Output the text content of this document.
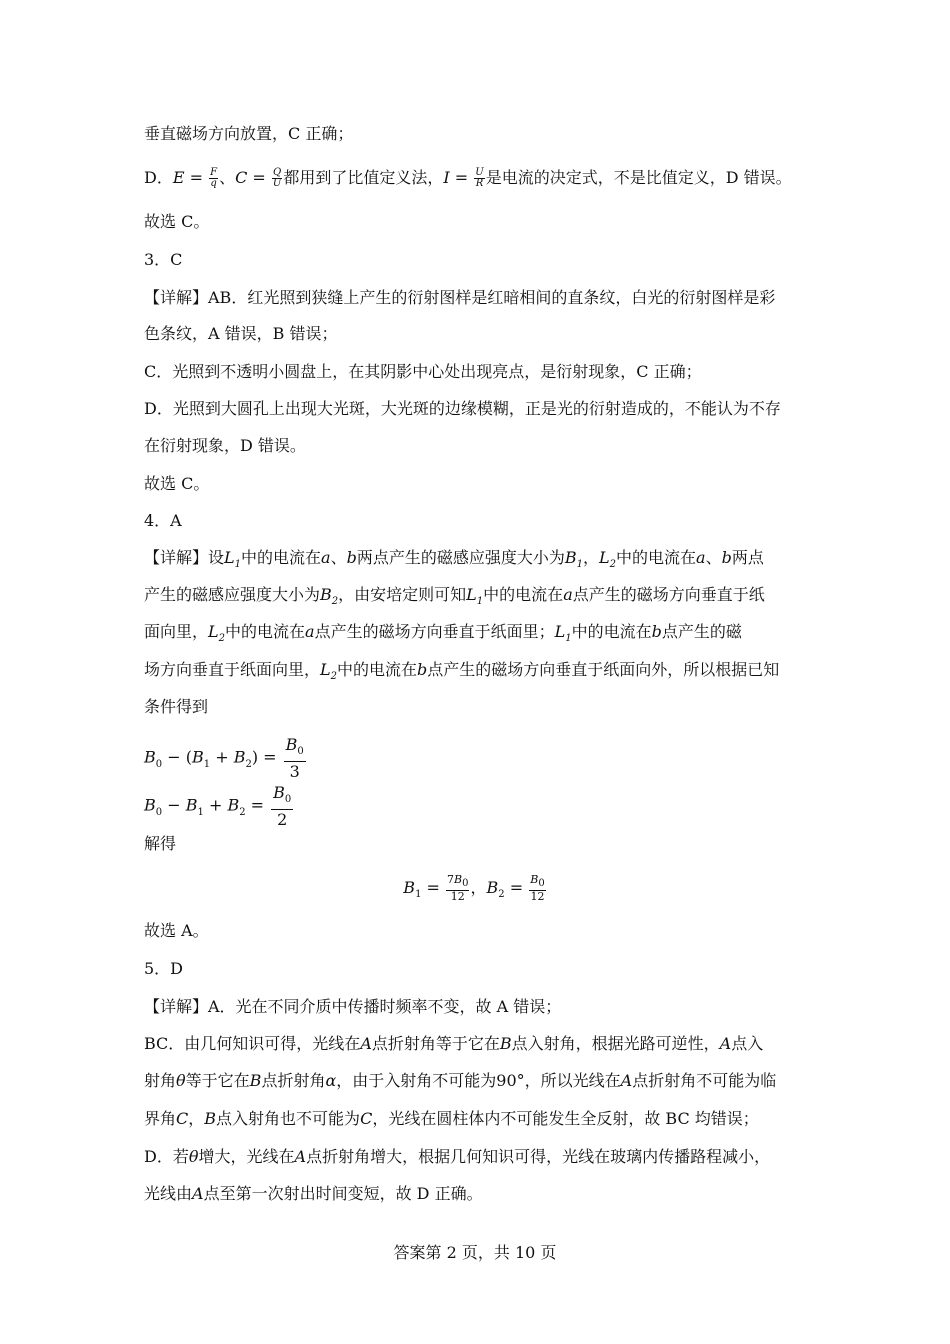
垂直磁场方向放置，C 正确；
D．$E = \frac{F}{q}$ 、$C = \frac{Q}{U}$ 都用到了比值定义法，$I = \frac{U}{R}$ 是电流的决定式，不是比值定义，D 错误。
故选 C。
3．C
【详解】AB．红光照到狭缝上产生的衍射图样是红暗相间的直条纹，白光的衍射图样是彩
色条纹，A 错误，B 错误；
C．光照到不透明小圆盘上，在其阴影中心处出现亮点，是衍射现象，C 正确；
D．光照到大圆孔上出现大光斑，大光斑的边缘模糊，正是光的衍射造成的，不能认为不存
在衍射现象，D 错误。
故选 C。
4．A
【详解】设$L_1$中的电流在a、b两点产生的磁感应强度大小为$B_1$，$L_2$中的电流在a、b两点
产生的磁感应强度大小为$B_2$，由安培定则可知$L_1$中的电流在a点产生的磁场方向垂直于纸
面向里，$L_2$中的电流在a点产生的磁场方向垂直于纸面里；$L_1$中的电流在b点产生的磁
场方向垂直于纸面向里，$L_2$中的电流在b点产生的磁场方向垂直于纸面向外，所以根据已知
条件得到
$B_0 - (B_1 + B_2) = \frac{B_0}{3}$
$B_0 - B_1 + B_2 = \frac{B_0}{2}$
解得
$B_1 = \frac{7B_0}{12}$ ，$B_2 = \frac{B_0}{12}$
故选 A。
5．D
【详解】A．光在不同介质中传播时频率不变，故 A 错误；
BC．由几何知识可得，光线在A点折射角等于它在B点入射角，根据光路可逆性，A点入
射角θ等于它在B点折射角α，由于入射角不可能为90°，所以光线在A点折射角不可能为临
界角C，B点入射角也不可能为C，光线在圆柱体内不可能发生全反射，故 BC 均错误；
D．若θ增大，光线在A点折射角增大，根据几何知识可得，光线在玻璃内传播路程减小，
光线由A点至第一次射出时间变短，故 D 正确。
答案第 2 页，共 10 页
